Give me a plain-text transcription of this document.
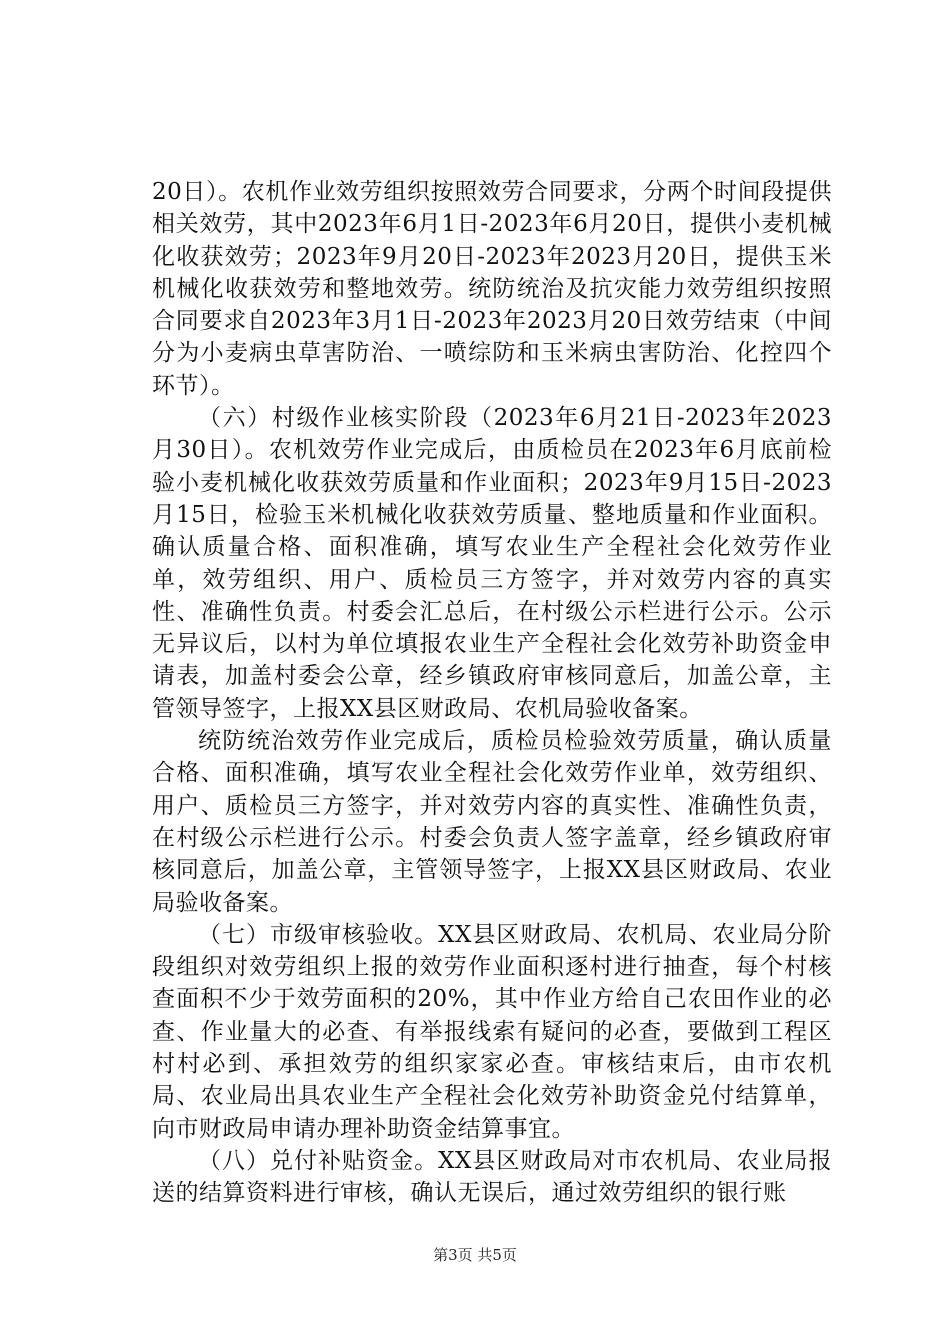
20日）。农机作业效劳组织按照效劳合同要求，分两个时间段提供相关效劳，其中2023年6月1日-2023年6月20日，提供小麦机械化收获效劳；2023年9月20日-2023年2023月20日，提供玉米机械化收获效劳和整地效劳。统防统治及抗灾能力效劳组织按照合同要求自2023年3月1日-2023年2023月20日效劳结束（中间分为小麦病虫草害防治、一喷综防和玉米病虫害防治、化控四个环节）。

（六）村级作业核实阶段（2023年6月21日-2023年2023月30日）。农机效劳作业完成后，由质检员在2023年6月底前检验小麦机械化收获效劳质量和作业面积；2023年9月15日-2023月15日，检验玉米机械化收获效劳质量、整地质量和作业面积。确认质量合格、面积准确，填写农业生产全程社会化效劳作业单，效劳组织、用户、质检员三方签字，并对效劳内容的真实性、准确性负责。村委会汇总后，在村级公示栏进行公示。公示无异议后，以村为单位填报农业生产全程社会化效劳补助资金申请表，加盖村委会公章，经乡镇政府审核同意后，加盖公章，主管领导签字，上报XX县区财政局、农机局验收备案。

统防统治效劳作业完成后，质检员检验效劳质量，确认质量合格、面积准确，填写农业全程社会化效劳作业单，效劳组织、用户、质检员三方签字，并对效劳内容的真实性、准确性负责，在村级公示栏进行公示。村委会负责人签字盖章，经乡镇政府审核同意后，加盖公章，主管领导签字，上报XX县区财政局、农业局验收备案。

（七）市级审核验收。XX县区财政局、农机局、农业局分阶段组织对效劳组织上报的效劳作业面积逐村进行抽查，每个村核查面积不少于效劳面积的20%，其中作业方给自己农田作业的必查、作业量大的必查、有举报线索有疑问的必查，要做到工程区村村必到、承担效劳的组织家家必查。审核结束后，由市农机局、农业局出具农业生产全程社会化效劳补助资金兑付结算单，向市财政局申请办理补助资金结算事宜。

（八）兑付补贴资金。XX县区财政局对市农机局、农业局报送的结算资料进行审核，确认无误后，通过效劳组织的银行账

第3页 共5页
